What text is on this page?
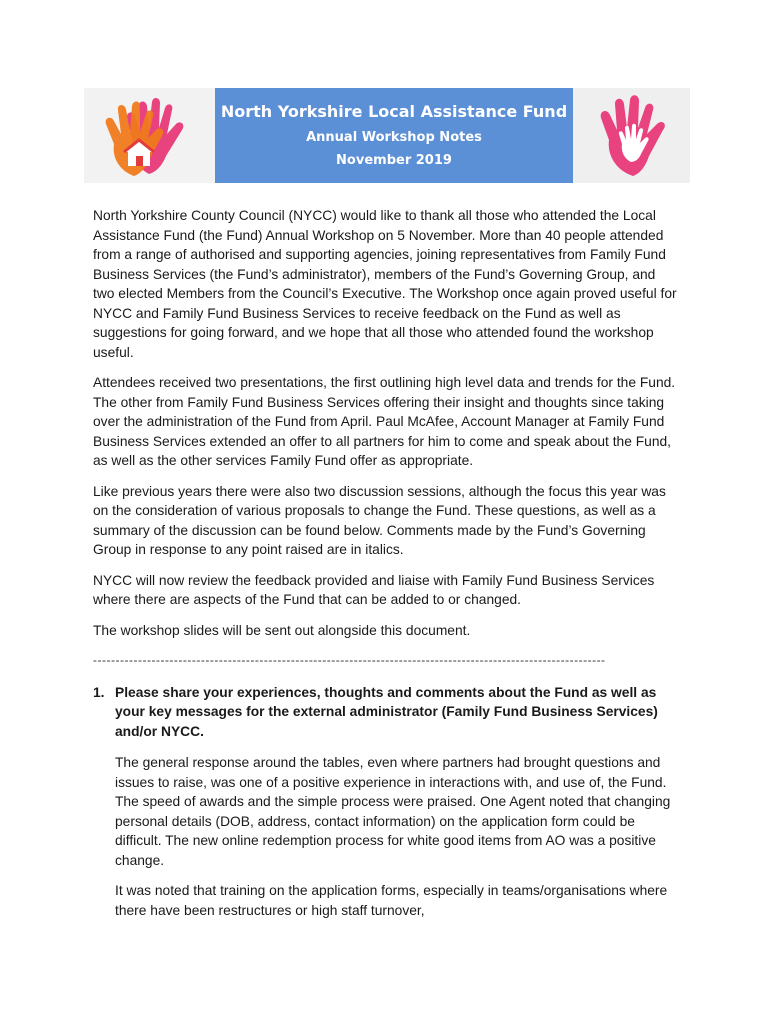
North Yorkshire Local Assistance Fund
Annual Workshop Notes
November 2019

North Yorkshire County Council (NYCC) would like to thank all those who attended the Local Assistance Fund (the Fund) Annual Workshop on 5 November. More than 40 people attended from a range of authorised and supporting agencies, joining representatives from Family Fund Business Services (the Fund’s administrator), members of the Fund’s Governing Group, and two elected Members from the Council’s Executive. The Workshop once again proved useful for NYCC and Family Fund Business Services to receive feedback on the Fund as well as suggestions for going forward, and we hope that all those who attended found the workshop useful.

Attendees received two presentations, the first outlining high level data and trends for the Fund. The other from Family Fund Business Services offering their insight and thoughts since taking over the administration of the Fund from April. Paul McAfee, Account Manager at Family Fund Business Services extended an offer to all partners for him to come and speak about the Fund, as well as the other services Family Fund offer as appropriate.

Like previous years there were also two discussion sessions, although the focus this year was on the consideration of various proposals to change the Fund. These questions, as well as a summary of the discussion can be found below. Comments made by the Fund’s Governing Group in response to any point raised are in italics.

NYCC will now review the feedback provided and liaise with Family Fund Business Services where there are aspects of the Fund that can be added to or changed.

The workshop slides will be sent out alongside this document.

------------------------------------------------------------------------------------------------------------------
1. Please share your experiences, thoughts and comments about the Fund as well as your key messages for the external administrator (Family Fund Business Services) and/or NYCC.

The general response around the tables, even where partners had brought questions and issues to raise, was one of a positive experience in interactions with, and use of, the Fund. The speed of awards and the simple process were praised. One Agent noted that changing personal details (DOB, address, contact information) on the application form could be difficult. The new online redemption process for white good items from AO was a positive change.

It was noted that training on the application forms, especially in teams/organisations where there have been restructures or high staff turnover,
